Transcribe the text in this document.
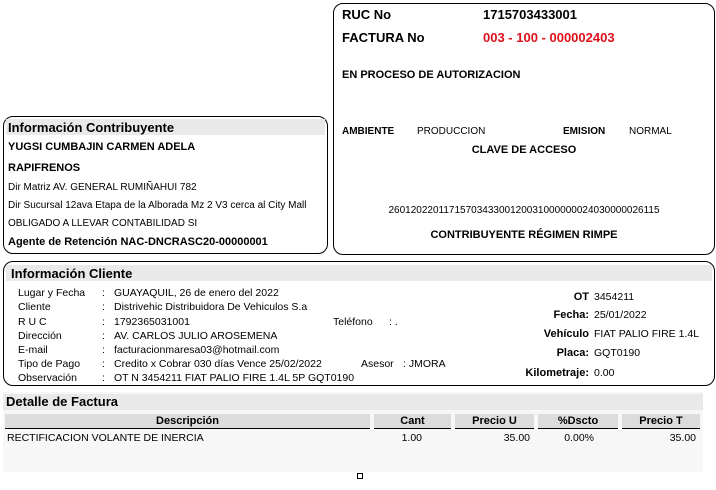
RUC No	1715703433001
FACTURA No	003 - 100 - 000002403
EN PROCESO DE AUTORIZACION
AMBIENTE PRODUCCION	EMISION NORMAL
CLAVE DE ACCESO
2601202201171570343300120031000000024030000026115
CONTRIBUYENTE RÉGIMEN RIMPE
Información Contribuyente
YUGSI CUMBAJIN CARMEN ADELA
RAPIFRENOS
Dir Matriz AV. GENERAL RUMIÑAHUI 782
Dir Sucursal 12ava Etapa de la Alborada Mz 2 V3 cerca al City Mall
OBLIGADO A LLEVAR CONTABILIDAD SI
Agente de Retención NAC-DNCRASC20-00000001
Información Cliente
Lugar y Fecha : GUAYAQUIL, 26 de enero del 2022
Cliente	: Distrivehic Distribuidora De Vehiculos S.a
R U C	: 1792365031001	Teléfono : .
Dirección	: AV. CARLOS JULIO AROSEMENA
E-mail	: facturacionmaresa03@hotmail.com
Tipo de Pago : Credito x Cobrar 030 días Vence 25/02/2022	Asesor : JMORA
Observación : OT N 3454211 FIAT PALIO FIRE 1.4L 5P GQT0190
OT 3454211
Fecha: 25/01/2022
Vehículo FIAT PALIO FIRE 1.4L
Placa: GQT0190
Kilometraje: 0.00
Detalle de Factura
Descripción	Cant	Precio U	%Dscto	Precio T
RECTIFICACION VOLANTE DE INERCIA	1.00	35.00	0.00%	35.00
